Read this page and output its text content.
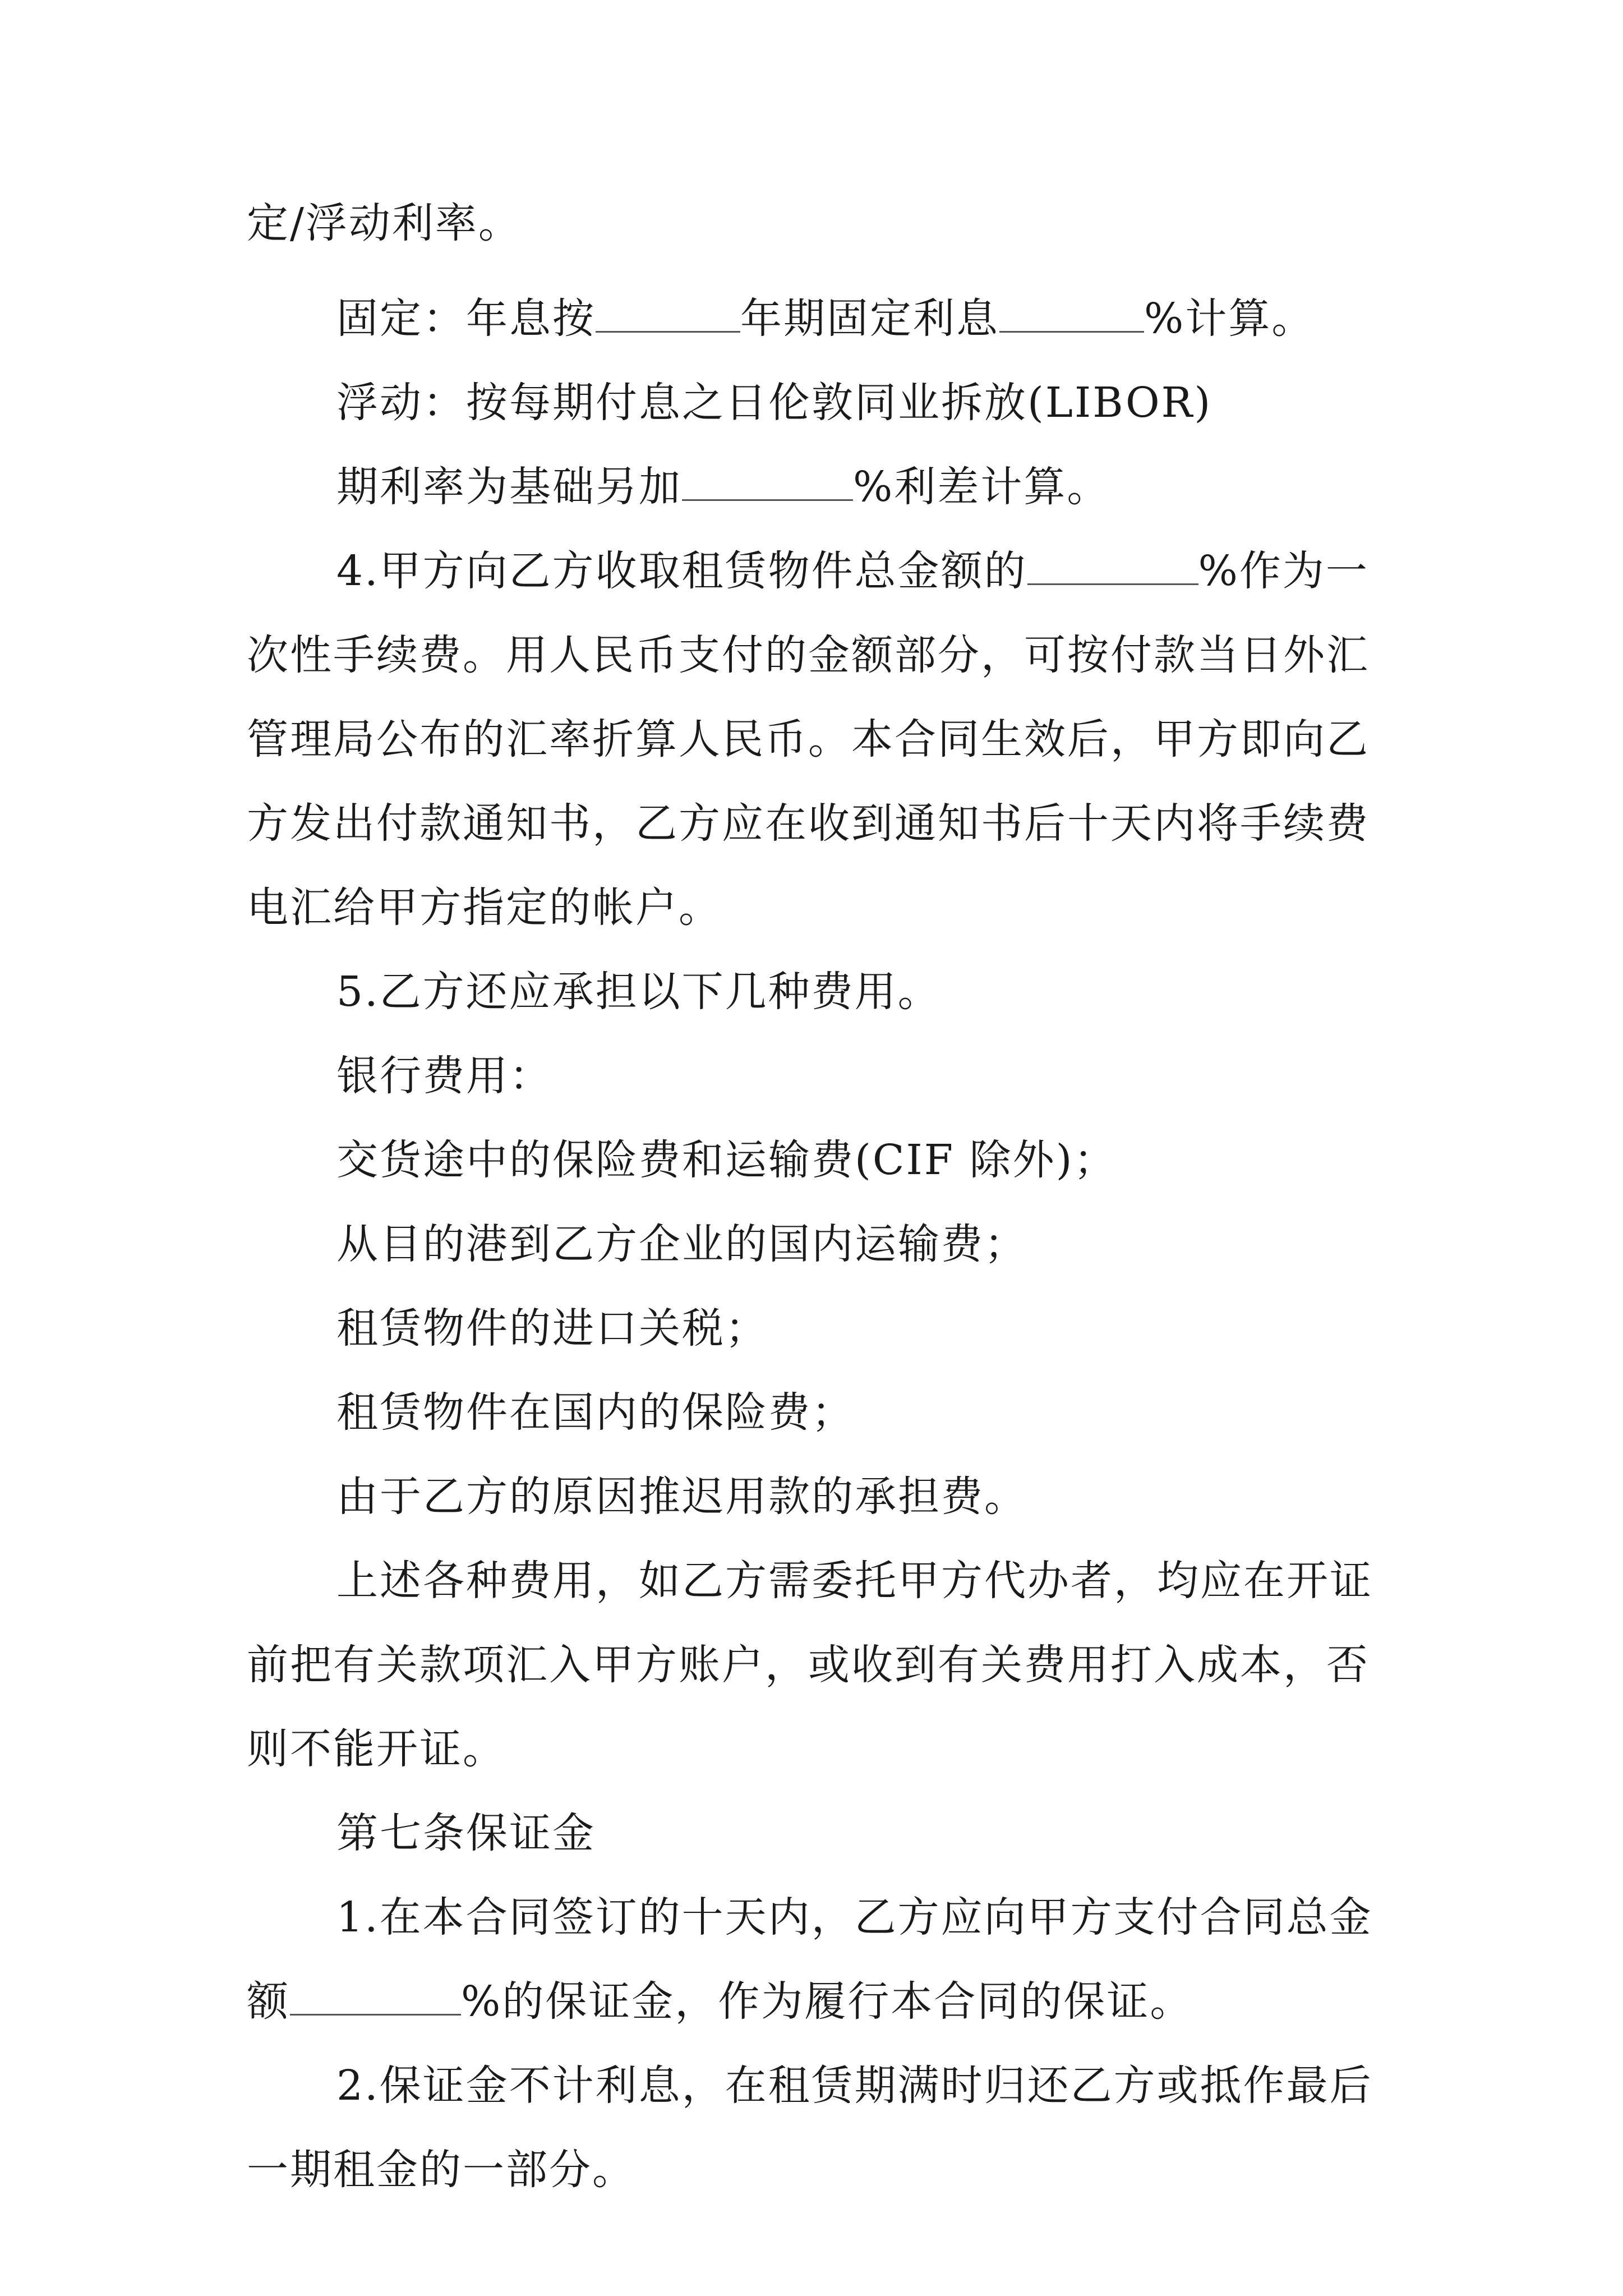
定/浮动利率。
固定：年息按	年期固定利息	%计算。
浮动：按每期付息之日伦敦同业拆放(LIBOR)
期利率为基础另加	%利差计算。
4.甲方向乙方收取租赁物件总金额的	%作为一
次性手续费。用人民币支付的金额部分，可按付款当日外汇
管理局公布的汇率折算人民币。本合同生效后，甲方即向乙
方发出付款通知书，乙方应在收到通知书后十天内将手续费
电汇给甲方指定的帐户。
5.乙方还应承担以下几种费用。
银行费用：
交货途中的保险费和运输费(CIF 除外)；
从目的港到乙方企业的国内运输费；
租赁物件的进口关税；
租赁物件在国内的保险费；
由于乙方的原因推迟用款的承担费。
上述各种费用，如乙方需委托甲方代办者，均应在开证
前把有关款项汇入甲方账户，或收到有关费用打入成本，否
则不能开证。
第七条保证金
1.在本合同签订的十天内，乙方应向甲方支付合同总金
额	%的保证金，作为履行本合同的保证。
2.保证金不计利息，在租赁期满时归还乙方或抵作最后
一期租金的一部分。
